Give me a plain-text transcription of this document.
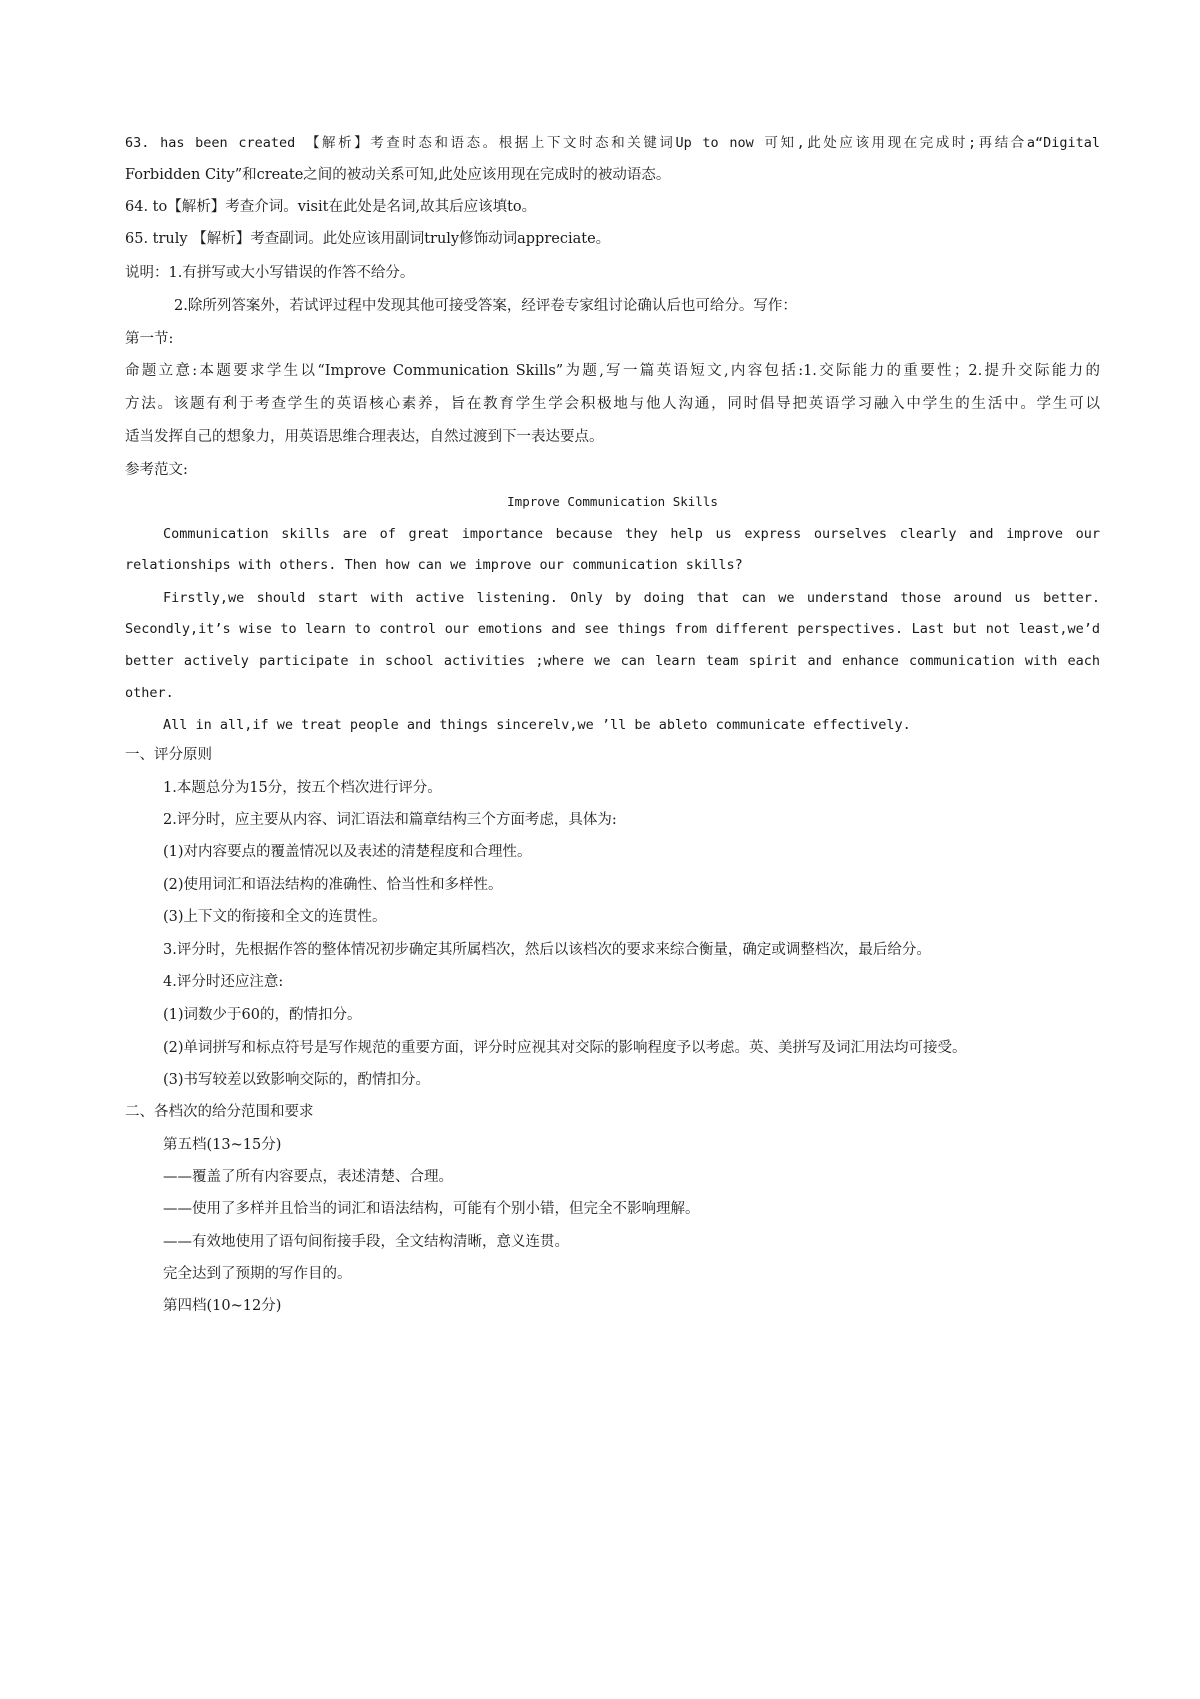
63. has been created 【解析】考查时态和语态。根据上下文时态和关键词Up to now 可知,此处应该用现在完成时;再结合a“Digital
Forbidden City”和create之间的被动关系可知,此处应该用现在完成时的被动语态。
64. to【解析】考查介词。visit在此处是名词,故其后应该填to。
65. truly 【解析】考查副词。此处应该用副词truly修饰动词appreciate。
说明：1.有拼写或大小写错误的作答不给分。
2.除所列答案外，若试评过程中发现其他可接受答案，经评卷专家组讨论确认后也可给分。写作：
第一节:
命题立意:本题要求学生以“Improve Communication Skills”为题,写一篇英语短文,内容包括:1.交际能力的重要性；2.提升交际能力的
方法。该题有利于考查学生的英语核心素养，旨在教育学生学会积极地与他人沟通，同时倡导把英语学习融入中学生的生活中。学生可以
适当发挥自己的想象力，用英语思维合理表达，自然过渡到下一表达要点。
参考范文:
Improve Communication Skills
Communication skills are of great importance because they help us express ourselves clearly and improve our
relationships with others. Then how can we improve our communication skills?
Firstly,we should start with active listening. Only by doing that can we understand those around us better.
Secondly,it’s wise to learn to control our emotions and see things from different perspectives. Last but not least,we’d
better actively participate in school activities ;where we can learn team spirit and enhance communication with each
other.
All in all,if we treat people and things sincerelv,we ’ll be ableto communicate effectively.
一、评分原则
1.本题总分为15分，按五个档次进行评分。
2.评分时，应主要从内容、词汇语法和篇章结构三个方面考虑，具体为:
(1)对内容要点的覆盖情况以及表述的清楚程度和合理性。
(2)使用词汇和语法结构的准确性、恰当性和多样性。
(3)上下文的衔接和全文的连贯性。
3.评分时，先根据作答的整体情况初步确定其所属档次，然后以该档次的要求来综合衡量，确定或调整档次，最后给分。
4.评分时还应注意:
(1)词数少于60的，酌情扣分。
(2)单词拼写和标点符号是写作规范的重要方面，评分时应视其对交际的影响程度予以考虑。英、美拼写及词汇用法均可接受。
(3)书写较差以致影响交际的，酌情扣分。
二、各档次的给分范围和要求
第五档(13~15分)
——覆盖了所有内容要点，表述清楚、合理。
——使用了多样并且恰当的词汇和语法结构，可能有个别小错，但完全不影响理解。
——有效地使用了语句间衔接手段，全文结构清晰，意义连贯。
完全达到了预期的写作目的。
第四档(10~12分)
